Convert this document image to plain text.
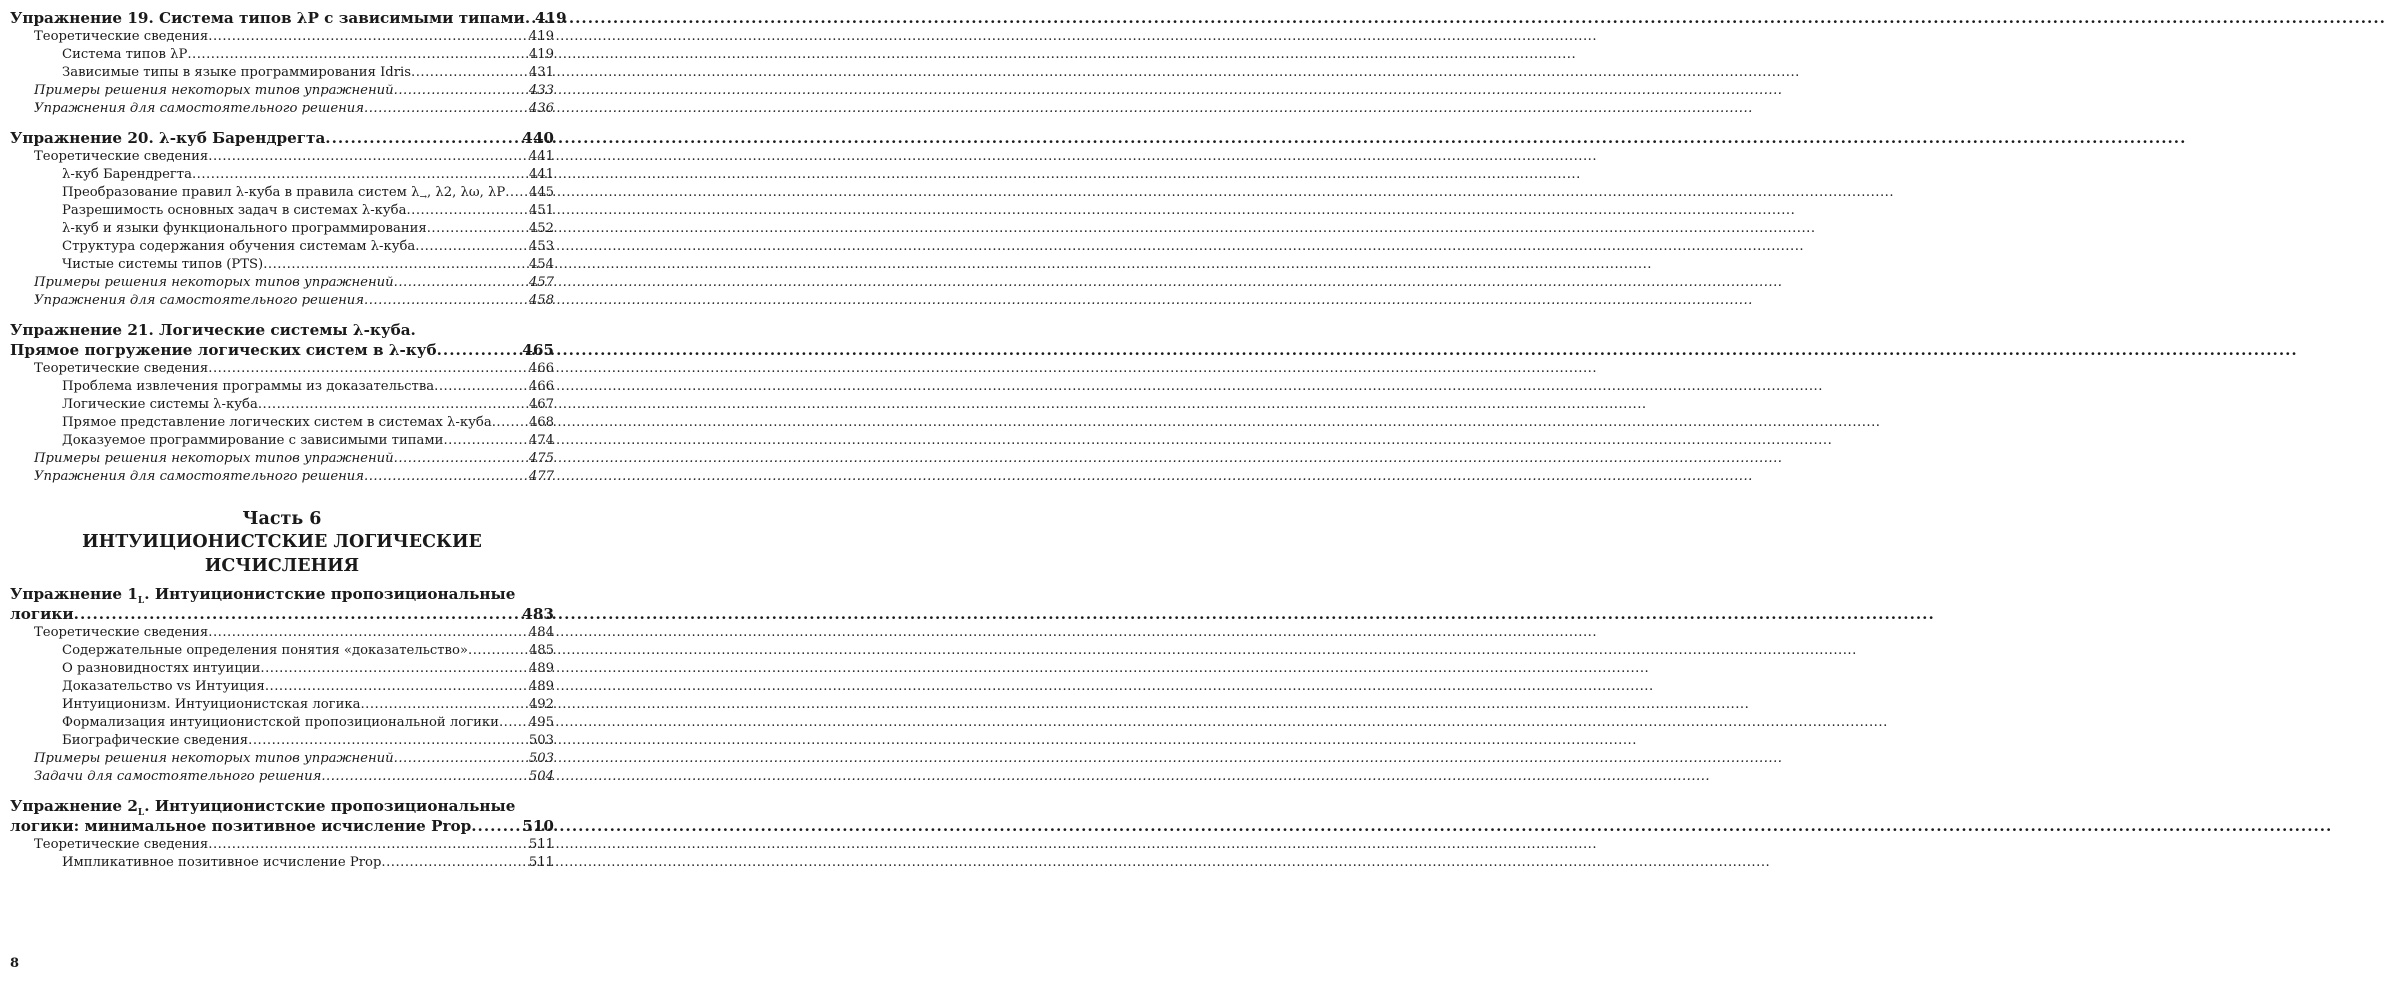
Упражнение 19. Система типов λP с зависимыми типами ..... 419
Теоретические сведения .....	419
Система типов λP .....	419
Зависимые типы в языке программирования Idris .....	431
Примеры решения некоторых типов упражнений .....	433
Упражнения для самостоятельного решения .....	436
Упражнение 20. λ-куб Барендрегта .....	440
Теоретические сведения .....	441
λ-куб Барендрегта .....	441
Преобразование правил λ-куба в правила систем $\lambda_\to$, λ2, λω, λP ..... 445
Разрешимость основных задач в системах λ-куба .....	451
λ-куб и языки функционального программирования .....	452
Структура содержания обучения системам λ-куба .....	453
Чистые системы типов (PTS) .....	454
Примеры решения некоторых типов упражнений .....	457
Упражнения для самостоятельного решения .....	458
Упражнение 21. Логические системы λ-куба.
Прямое погружение логических систем в λ-куб .....	465
Теоретические сведения .....	466
Проблема извлечения программы из доказательства .....	466
Логические системы λ-куба .....	467
Прямое представление логических систем в системах λ-куба .....	468
Доказуемое программирование с зависимыми типами .....	474
Примеры решения некоторых типов упражнений .....	475
Упражнения для самостоятельного решения .....	477
Часть 6
ИНТУИЦИОНИСТСКИЕ ЛОГИЧЕСКИЕ ИСЧИСЛЕНИЯ
Упражнение $1_L$. Интуиционистские пропозициональные
логики .....	483
Теоретические сведения .....	484
Содержательные определения понятия «доказательство» .....	485
О разновидностях интуиции .....	489
Доказательство vs Интуиция .....	489
Интуиционизм. Интуиционистская логика .....	492
Формализация интуиционистской пропозициональной логики ..... 495
Биографические сведения .....	503
Примеры решения некоторых типов упражнений .....	503
Задачи для самостоятельного решения .....	504
Упражнение $2_L$. Интуиционистские пропозициональные
логики: минимальное позитивное исчисление Prop .....	510
Теоретические сведения .....	511
Импликативное позитивное исчисление Prop .....	511
8
